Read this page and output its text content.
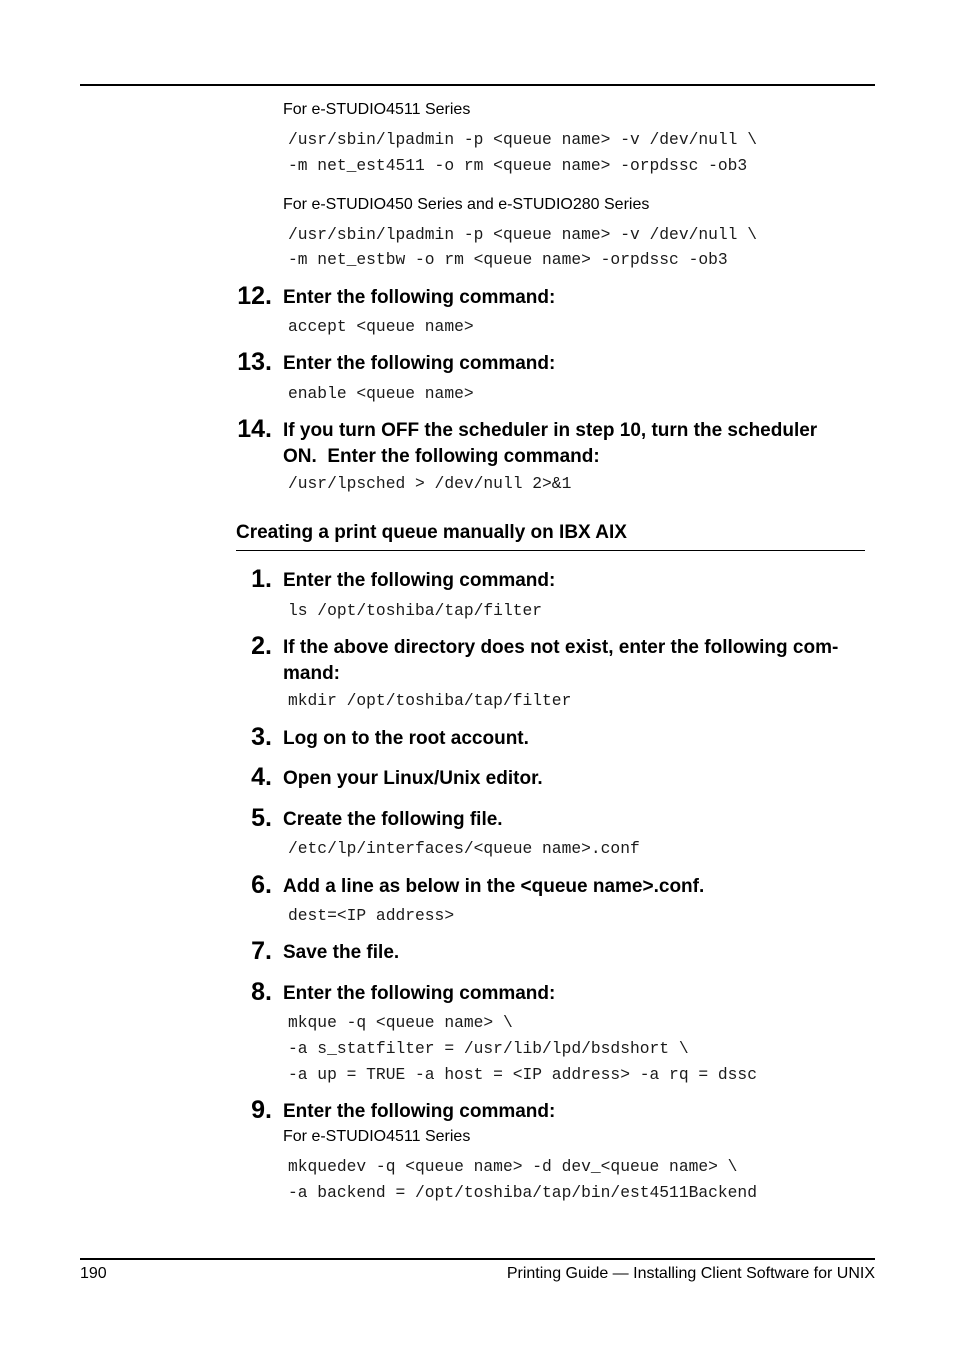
For e-STUDIO4511 Series
/usr/sbin/lpadmin -p <queue name> -v /dev/null \
-m net_est4511 -o rm <queue name> -orpdssc -ob3
For e-STUDIO450 Series and e-STUDIO280 Series
/usr/sbin/lpadmin -p <queue name> -v /dev/null \
-m net_estbw -o rm <queue name> -orpdssc -ob3
12. Enter the following command:
accept <queue name>
13. Enter the following command:
enable <queue name>
14. If you turn OFF the scheduler in step 10, turn the scheduler
ON.  Enter the following command:
/usr/lpsched > /dev/null 2>&1
Creating a print queue manually on IBX AIX
1. Enter the following command:
ls /opt/toshiba/tap/filter
2. If the above directory does not exist, enter the following com-
mand:
mkdir /opt/toshiba/tap/filter
3. Log on to the root account.
4. Open your Linux/Unix editor.
5. Create the following file.
/etc/lp/interfaces/<queue name>.conf
6. Add a line as below in the <queue name>.conf.
dest=<IP address>
7. Save the file.
8. Enter the following command:
mkque -q <queue name> \
-a s_statfilter = /usr/lib/lpd/bsdshort \
-a up = TRUE -a host = <IP address> -a rq = dssc
9. Enter the following command:
For e-STUDIO4511 Series
mkquedev -q <queue name> -d dev_<queue name> \
-a backend = /opt/toshiba/tap/bin/est4511Backend
190	Printing Guide — Installing Client Software for UNIX
